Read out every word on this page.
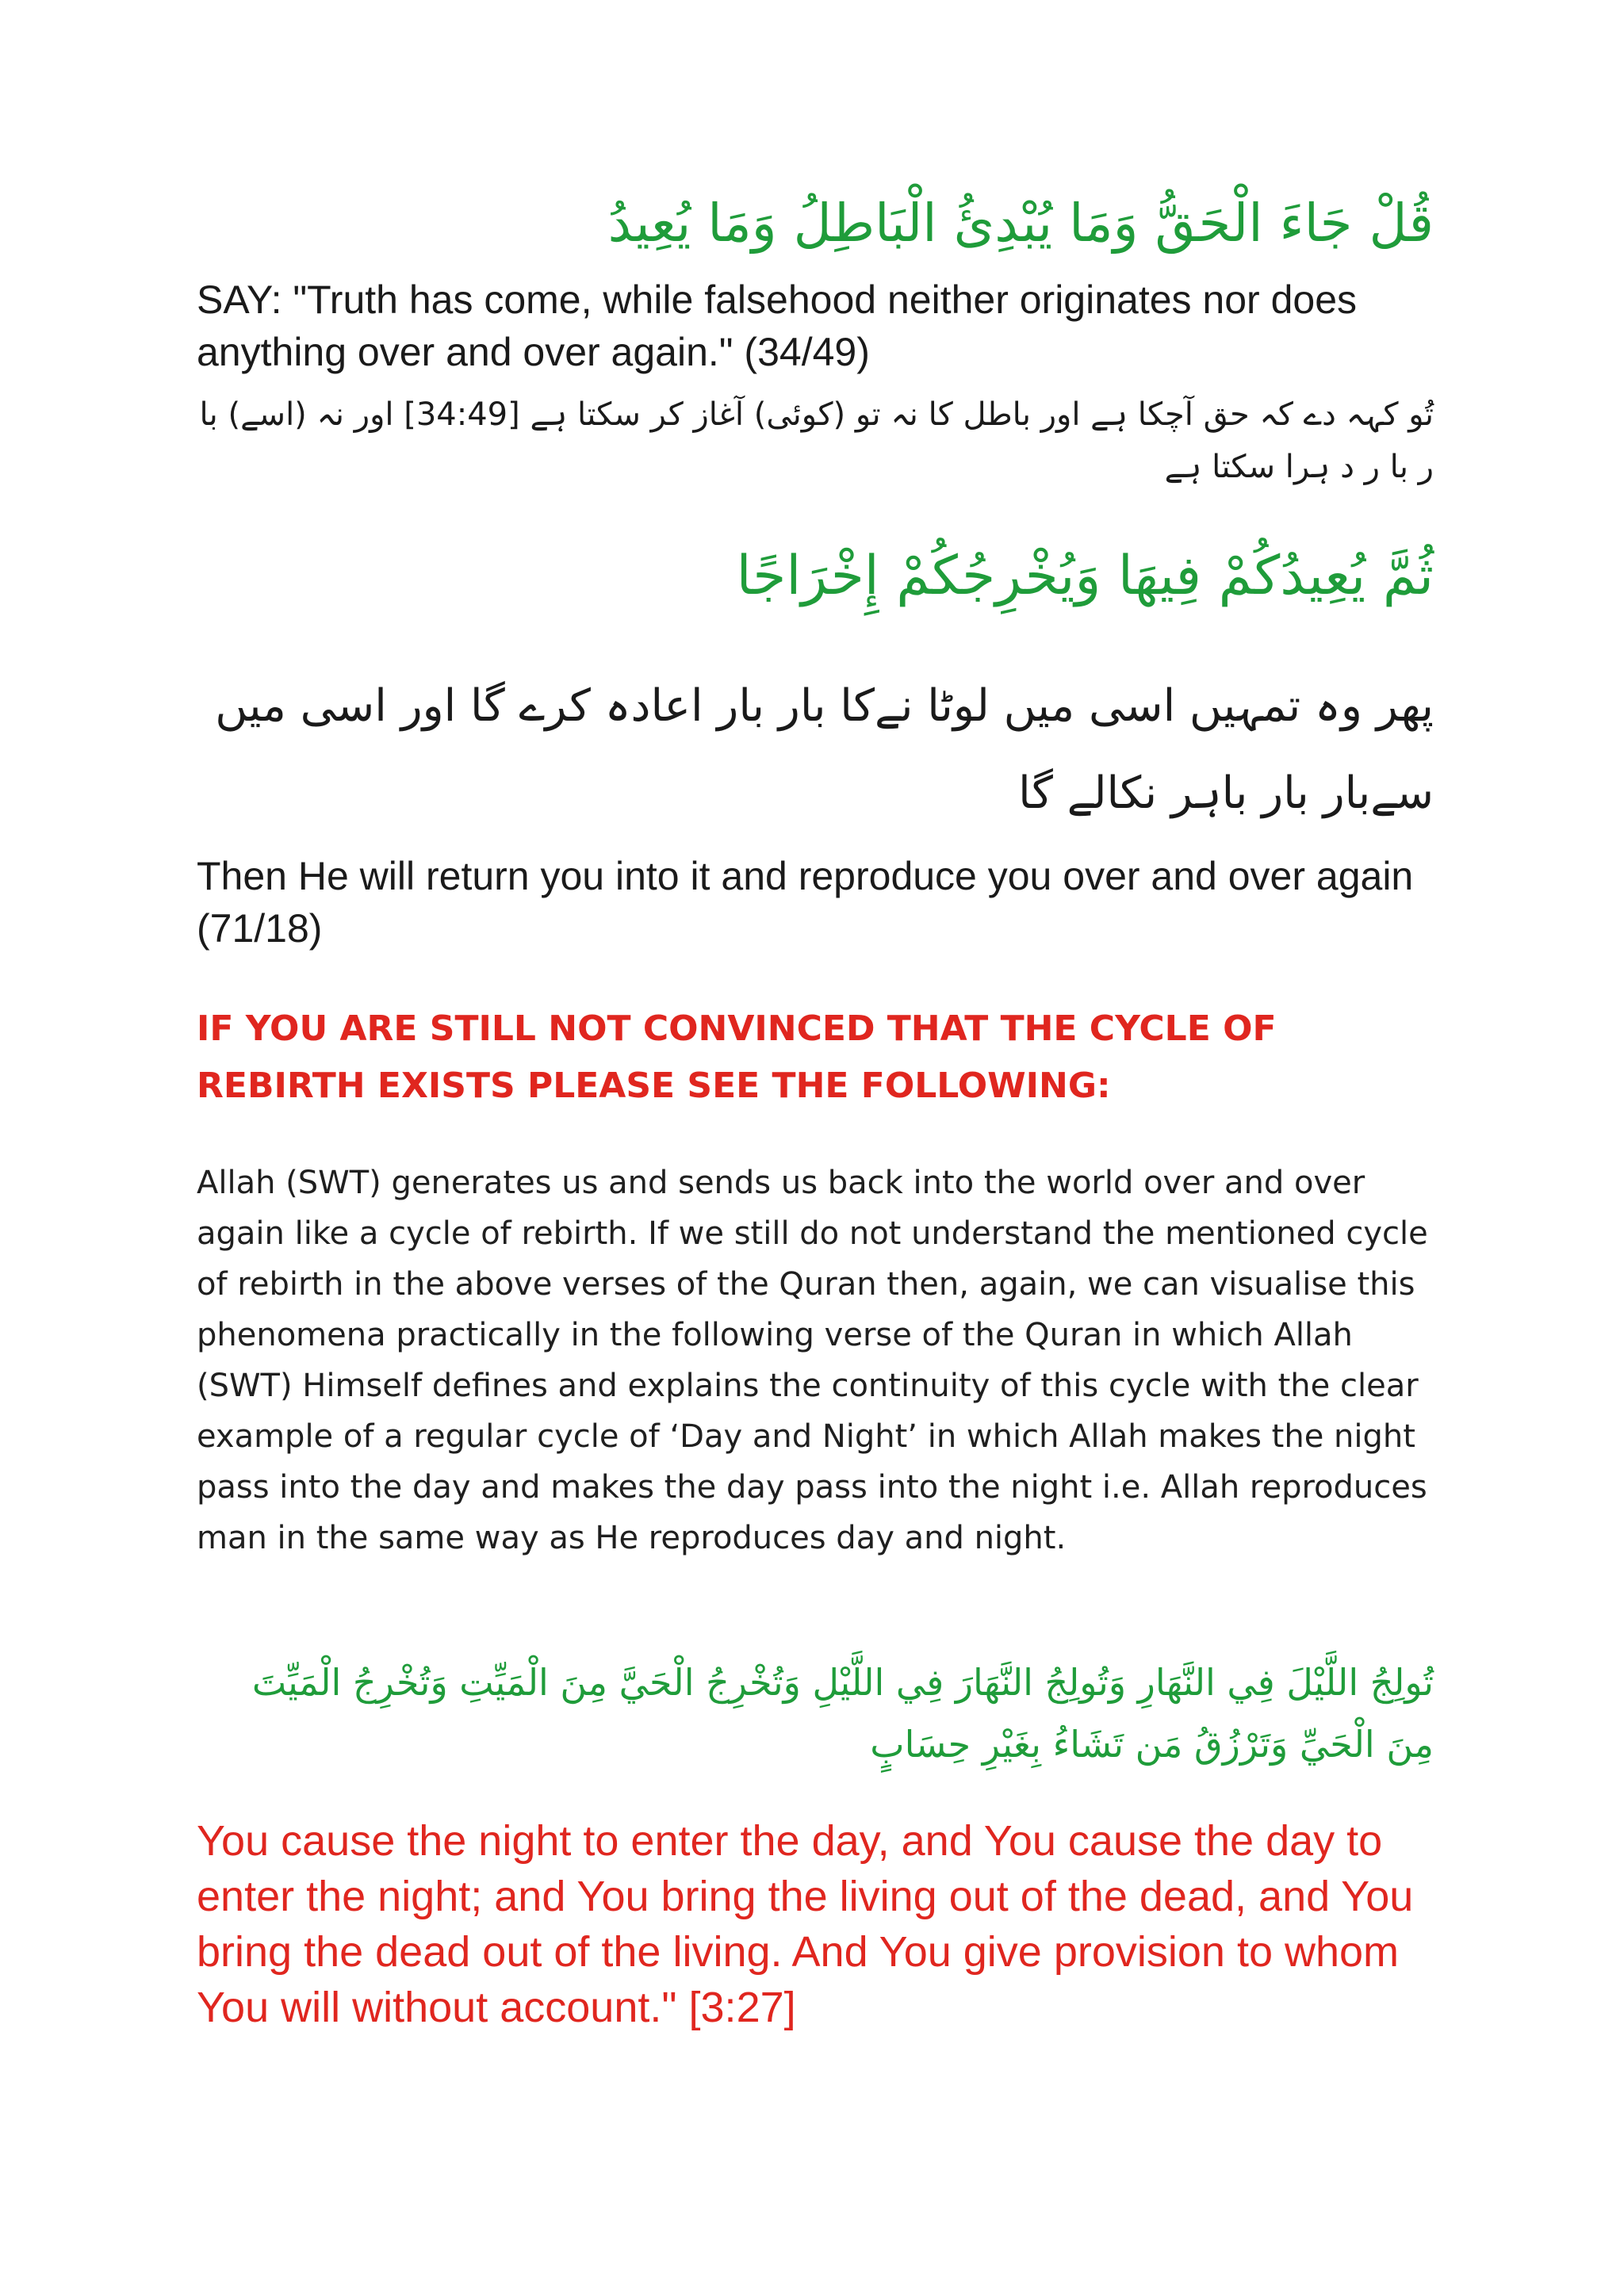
قُلْ جَاءَ الْحَقُّ وَمَا يُبْدِئُ الْبَاطِلُ وَمَا يُعِيدُ

SAY: "Truth has come, while falsehood neither originates nor does anything over and over again." (34/49)

تُو کہہ دے کہ حق آچکا ہے اور باطل کا نہ تو (کوئی) آغاز کر سکتا ہے [34:49] اور نہ (اسے) با ر با ر د ہرا سکتا ہے

ثُمَّ يُعِيدُكُمْ فِيهَا وَيُخْرِجُكُمْ إِخْرَاجًا

پھر وہ تمہیں اسی میں لوٹا نےکا بار بار اعادہ کرے گا اور اسی میں سےبار بار باہر نکالے گا

Then He will return you into it and reproduce you over and over again (71/18)

IF YOU ARE STILL NOT CONVINCED THAT THE CYCLE OF REBIRTH EXISTS PLEASE SEE THE FOLLOWING:

Allah (SWT) generates us and sends us back into the world over and over again like a cycle of rebirth. If we still do not understand the mentioned cycle of rebirth in the above verses of the Quran then, again, we can visualise this phenomena practically in the following verse of the Quran in which Allah (SWT) Himself defines and explains the continuity of this cycle with the clear example of a regular cycle of ‘Day and Night’ in which Allah makes the night pass into the day and makes the day pass into the night i.e. Allah reproduces man in the same way as He reproduces day and night.

تُولِجُ اللَّيْلَ فِي النَّهَارِ وَتُولِجُ النَّهَارَ فِي اللَّيْلِ وَتُخْرِجُ الْحَيَّ مِنَ الْمَيِّتِ وَتُخْرِجُ الْمَيِّتَ مِنَ الْحَيِّ وَتَرْزُقُ مَن تَشَاءُ بِغَيْرِ حِسَابٍ

You cause the night to enter the day, and You cause the day to enter the night; and You bring the living out of the dead, and You bring the dead out of the living. And You give provision to whom You will without account." [3:27]
